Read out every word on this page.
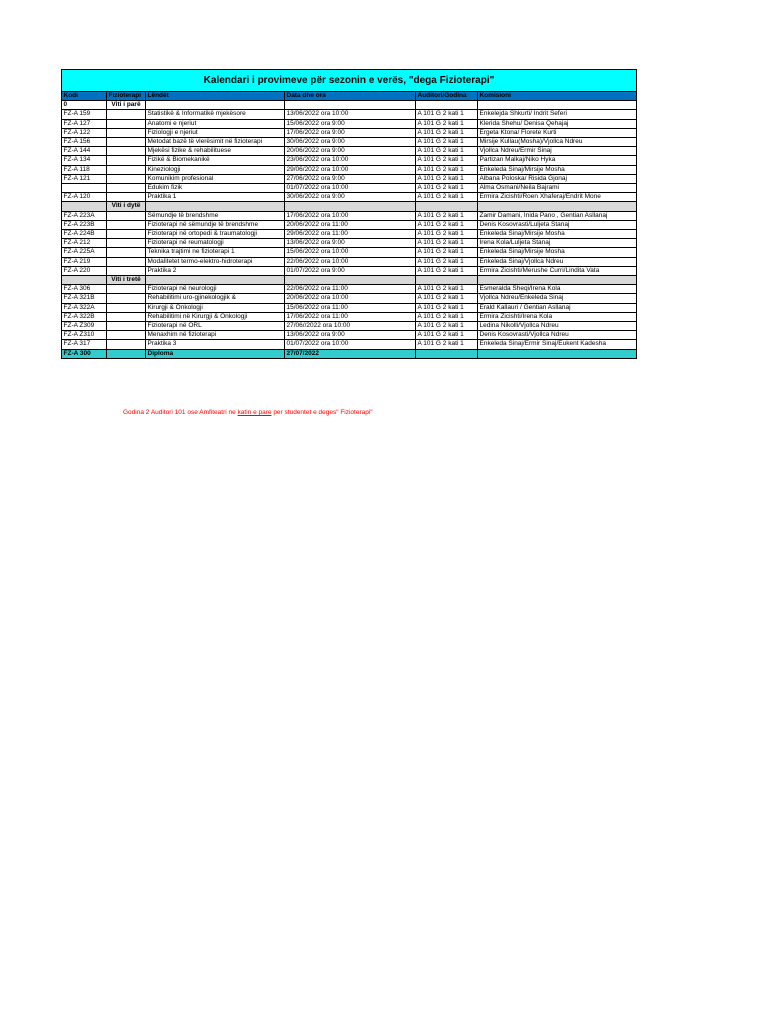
Kalendari i provimeve për sezonin e verës, "dega Fizioterapi"					
Kodi	Fizioterapi	Lëndët	Data dhe ora	Auditori/Godina	Komisioni
0	Viti i parë				
FZ-A 159		Statistikë & Informatikë mjekësore	13/06/2022 ora 10:00	A 101 G 2 kati 1	Enkelejda Shkurti/ Indrit Seferi
FZ-A 127		Anatomi e njeriut	15/06/2022 ora 9:00	A 101 G 2 kati 1	Klerida Shehu/ Denisa Qehajaj
FZ-A 122		Fiziologji e njeriut	17/06/2022 ora 9:00	A 101 G 2 kati 1	Ergeta Ktona/ Florete Kurti
FZ-A 156		Metodat bazë të vlerësimit në fizioterapi	30/06/2022 ora 9:00	A 101 G 2 kati 1	Mirsije Kullau(Mosha)/Vjollca Ndreu
FZ-A 144		Mjekësi fizike & rehabilituese	20/06/2022 ora 9:00	A 101 G 2 kati 1	Vjollca Ndreu/Ermir Sinaj
FZ-A 134		Fizikë & Biomekanikë	23/06/2022 ora 10:00	A 101 G 2 kati 1	Partizan Malkaj/Niko Hyka
FZ-A 118		Kineziologji	29/06/2022 ora 10:00	A 101 G 2 kati 1	Enkeleda Sinaj/Mirsije Mosha
FZ-A 121		Komunikim profesional	27/06/2022 ora 9:00	A 101 G 2 kati 1	Albana Poloska/ Risida Gjonaj
		Edukim fizik	01/07/2022 ora 10:00	A 101 G 2 kati 1	Alma Osmani/Neila Bajrami
FZ-A 120		Praktika 1	30/06/2022 ora 9:00	A 101 G 2 kati 1	Ermira Zicishti/Roen Xhaferaj/Endrit Mone
	Viti i dytë				
FZ-A 223A		Sëmundje të brendshme	17/06/2022 ora 10:00	A 101 G 2 kati 1	Zamir Damani, Inida Pano , Gentian Asllanaj
FZ-A 223B		Fizioterapi në sëmundje të brendshme	20/06/2022 ora 11:00	A 101 G 2 kati 1	Denis Kosovrasti/Luljeta Stanaj
FZ-A 224B		Fizioterapi në ortopedi & traumatologji	29/06/2022 ora 11:00	A 101 G 2 kati 1	Enkeleda Sinaj/Mirsije Mosha
FZ-A 212		Fizioterapi në reumatologji	13/06/2022 ora 9:00	A 101 G 2 kati 1	Irena Kola/Luljeta Stanaj
FZ-A 225A		Teknika trajtimi ne fizioterapi 1	15/06/2022 ora 10:00	A 101 G 2 kati 1	Enkeleda Sinaj/Mirsije Mosha
FZ-A 219		Modalitetet termo-elektro-hidroterapi	22/06/2022 ora 10:00	A 101 G 2 kati 1	Enkeleda Sinaj/Vjollca Ndreu
FZ-A 220		Praktika 2	01/07/2022 ora 9:00	A 101 G 2 kati 1	Ermira Zicishti/Merushe Curri/Lindita Vata
	Viti i tretë				
FZ-A 306		Fizioterapi në neurologji	22/06/2022 ora 11:00	A 101 G 2 kati 1	Esmeralda Sheqi/Irena Kola
FZ-A 321B		Rehabilitimi uro-gjinekologjik &	20/06/2022 ora 10:00	A 101 G 2 kati 1	Vjollca Ndreu/Enkeleda Sinaj
FZ-A 322A		Kirurgji & Onkologji	15/06/2022 ora 11:00	A 101 G 2 kati 1	Erald Kallauri / Gentian Asllanaj
FZ-A 322B		Rehabilitimi në Kirurgji & Onkologji	17/06/2022 ora 11:00	A 101 G 2 kati 1	Ermira Zicishti/Irena Kola
FZ-A Z309		Fizioterapi në ORL	27/06//2022 ora 10:00	A 101 G 2 kati 1	Ledina Nikolli/Vjollca Ndreu
FZ-A Z310		Menaxhim në fizioterapi	13/06/2022 ora 9:00	A 101 G 2 kati 1	Denis Kosovrasti/Vjollca Ndreu
FZ-A 317		Praktika 3	01/07/2022 ora 10:00	A 101 G 2 kati 1	Enkeleda Sinaj/Ermir Sinaj/Eukent Kadesha
FZ-A 300		Diploma	27/07/2022		
Godina 2 Auditori 101 ose Amfiteatri ne katin e pare per studentet e deges" Fizioterapi"
